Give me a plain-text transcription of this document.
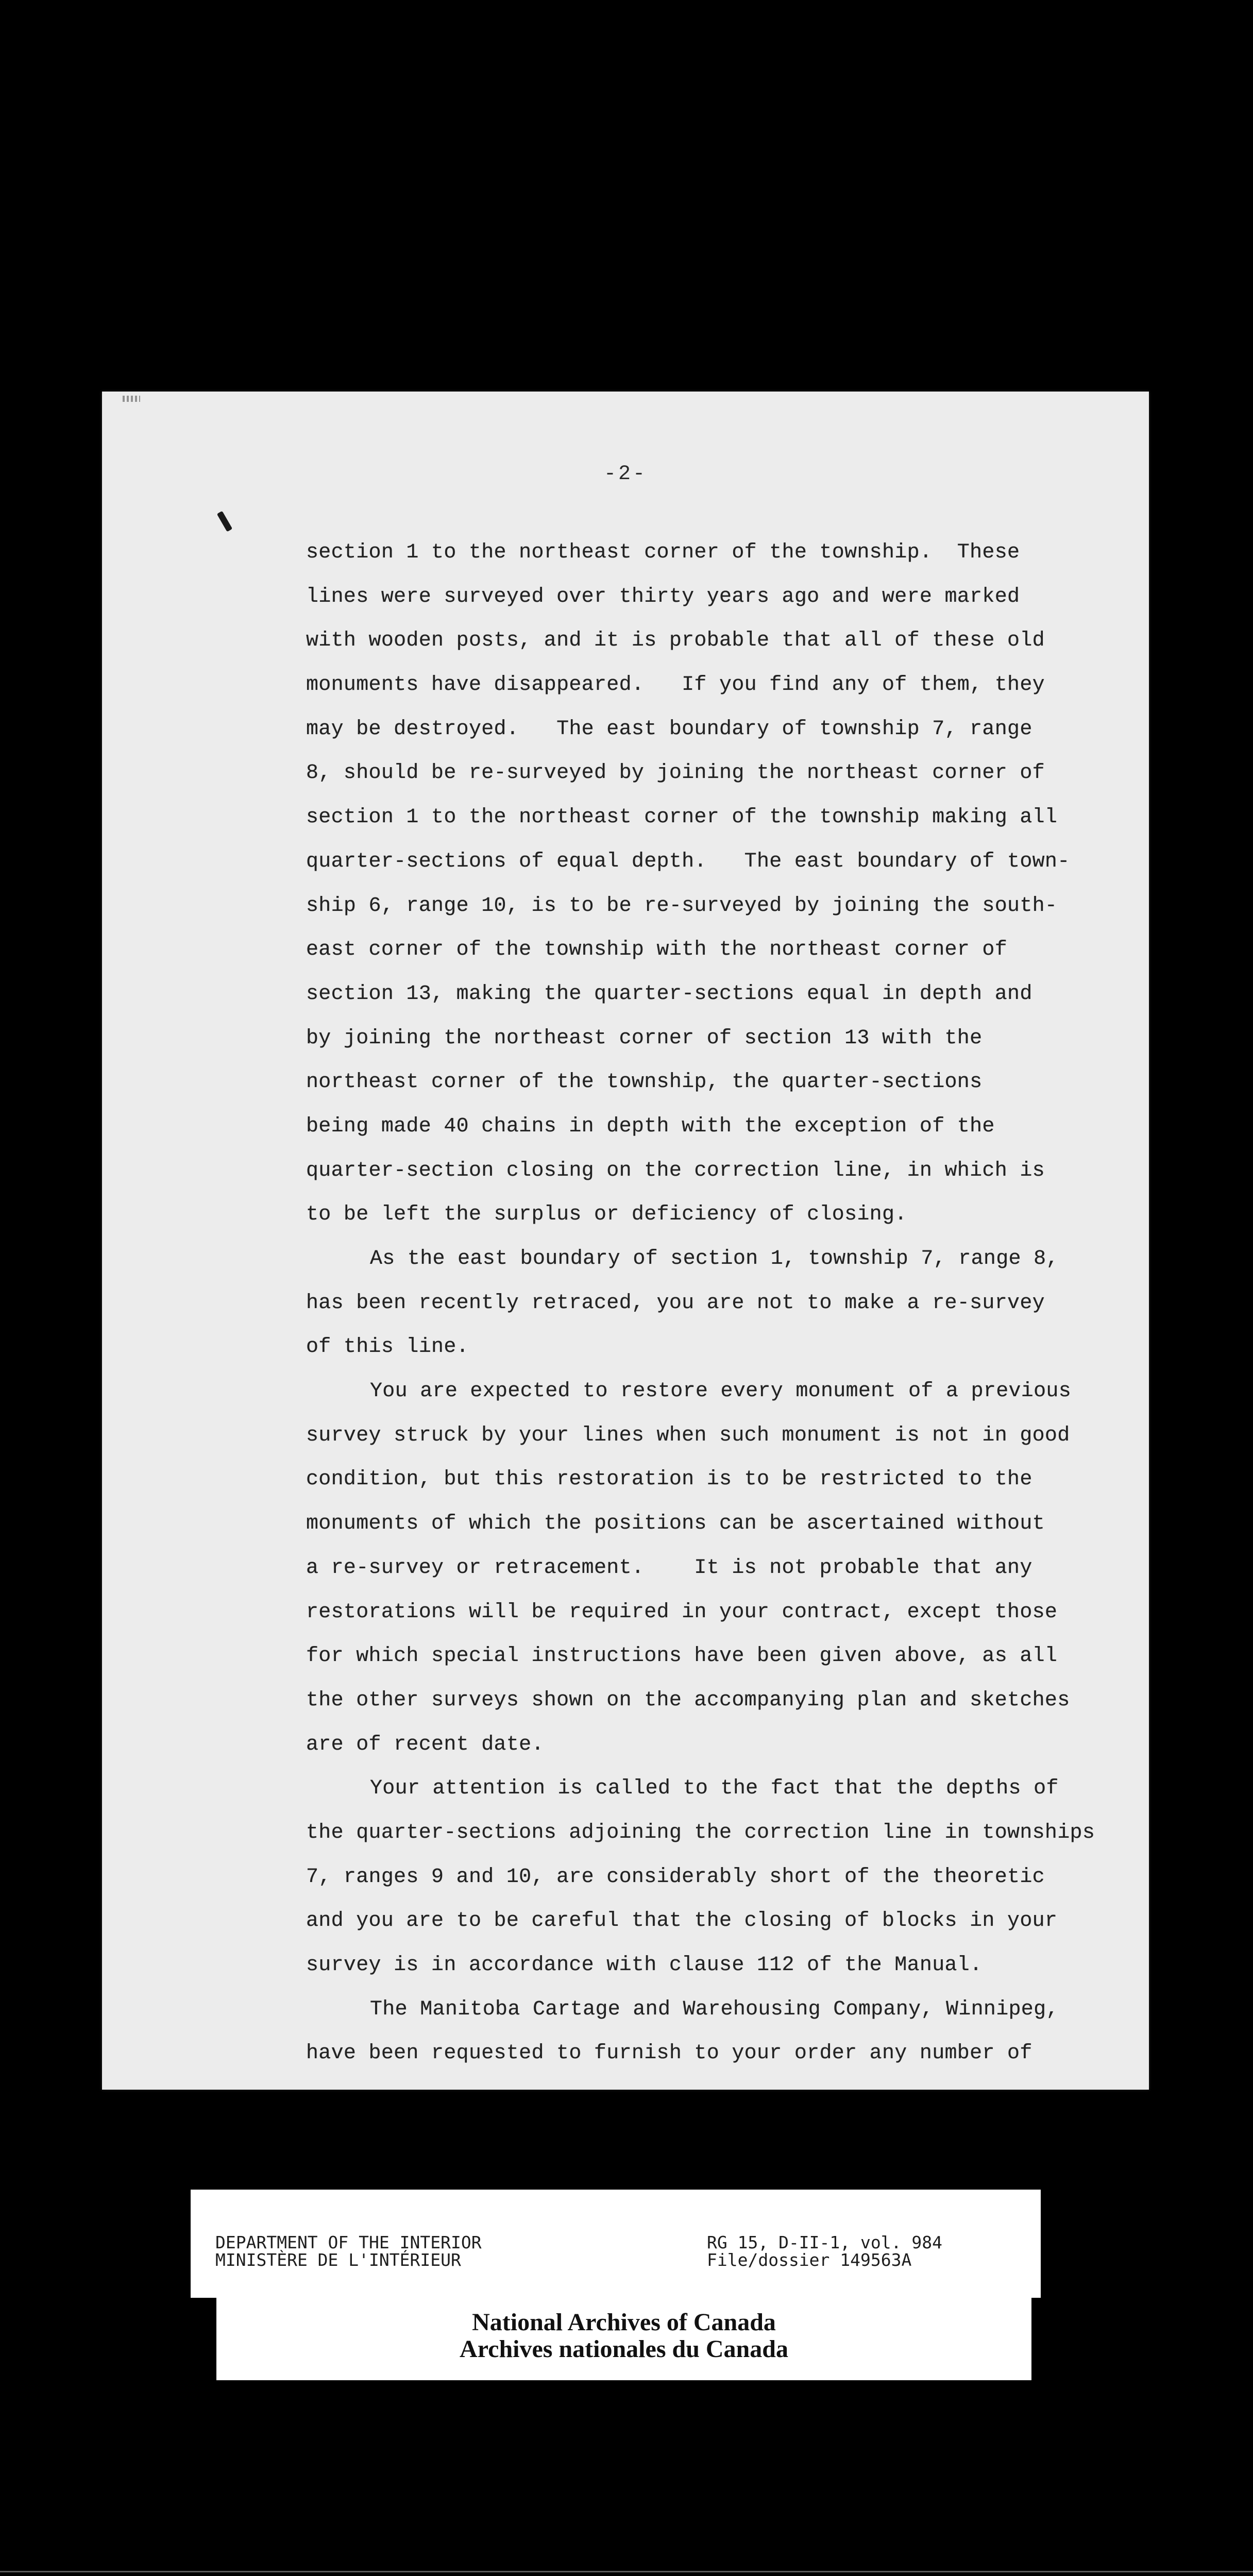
-2-
section 1 to the northeast corner of the township.  These
lines were surveyed over thirty years ago and were marked
with wooden posts, and it is probable that all of these old
monuments have disappeared.   If you find any of them, they
may be destroyed.   The east boundary of township 7, range
8, should be re-surveyed by joining the northeast corner of
section 1 to the northeast corner of the township making all
quarter-sections of equal depth.   The east boundary of town-
ship 6, range 10, is to be re-surveyed by joining the south-
east corner of the township with the northeast corner of
section 13, making the quarter-sections equal in depth and
by joining the northeast corner of section 13 with the
northeast corner of the township, the quarter-sections
being made 40 chains in depth with the exception of the
quarter-section closing on the correction line, in which is
to be left the surplus or deficiency of closing.
As the east boundary of section 1, township 7, range 8,
has been recently retraced, you are not to make a re-survey
of this line.
You are expected to restore every monument of a previous
survey struck by your lines when such monument is not in good
condition, but this restoration is to be restricted to the
monuments of which the positions can be ascertained without
a re-survey or retracement.    It is not probable that any
restorations will be required in your contract, except those
for which special instructions have been given above, as all
the other surveys shown on the accompanying plan and sketches
are of recent date.
Your attention is called to the fact that the depths of
the quarter-sections adjoining the correction line in townships
7, ranges 9 and 10, are considerably short of the theoretic
and you are to be careful that the closing of blocks in your
survey is in accordance with clause 112 of the Manual.
The Manitoba Cartage and Warehousing Company, Winnipeg,
have been requested to furnish to your order any number of
DEPARTMENT OF THE INTERIOR
MINISTÈRE DE L'INTÉRIEUR
RG 15, D-II-1, vol. 984
File/dossier 149563A
National Archives of Canada
Archives nationales du Canada
